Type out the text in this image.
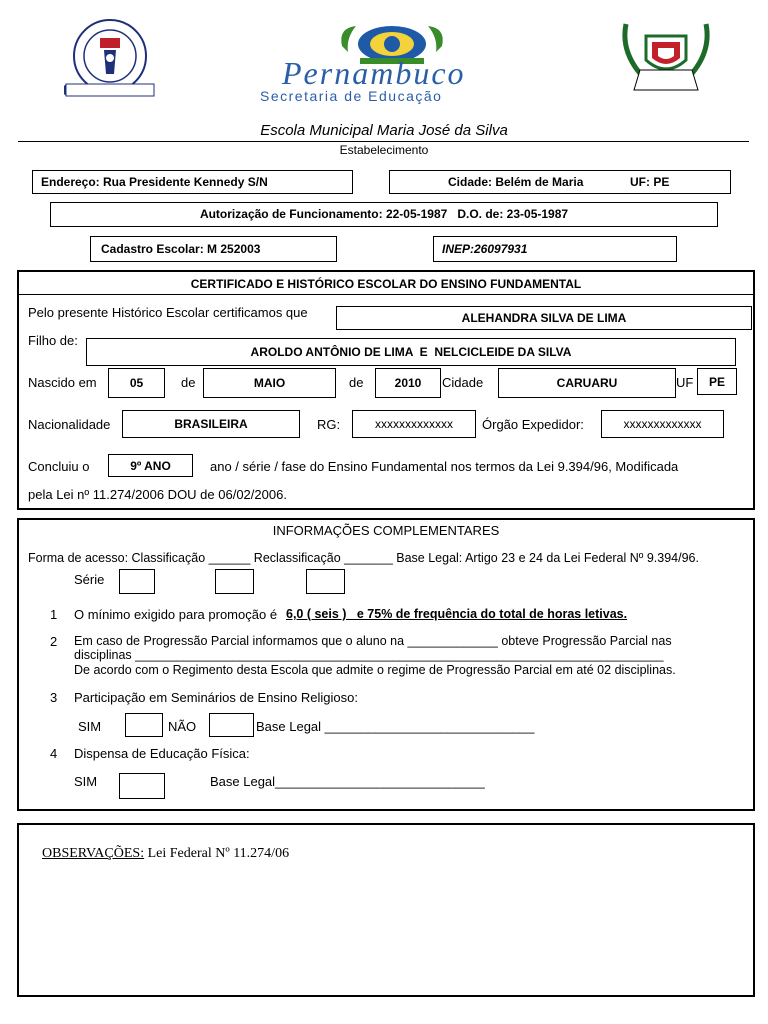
Pernambuco
Secretaria de Educação
Escola Municipal Maria José da Silva
Estabelecimento
Endereço: Rua Presidente Kennedy S/N	Cidade: Belém de Maria	UF: PE
Autorização de Funcionamento: 22-05-1987   D.O. de: 23-05-1987
Cadastro Escolar: M 252003	INEP:26097931
CERTIFICADO E HISTÓRICO ESCOLAR DO ENSINO FUNDAMENTAL
Pelo presente Histórico Escolar certificamos que	ALEHANDRA SILVA DE LIMA
Filho de:
AROLDO ANTÔNIO DE LIMA  E  NELCICLEIDE DA SILVA
Nascido em	05	de	MAIO	de	2010 Cidade	CARUARU	UF PE
Nacionalidade	BRASILEIRA	RG:	xxxxxxxxxxxxx Órgão Expedidor:	xxxxxxxxxxxxx
Concluiu o	9º ANO	ano / série / fase do Ensino Fundamental nos termos da Lei 9.394/96, Modificada
pela Lei nº 11.274/2006 DOU de 06/02/2006.
INFORMAÇÕES COMPLEMENTARES
Forma de acesso: Classificação ______ Reclassificação _______ Base Legal: Artigo 23 e 24 da Lei Federal Nº 9.394/96.
Série
1 O mínimo exigido para promoção é 6,0 ( seis )   e 75% de frequência do total de horas letivas.
2 Em caso de Progressão Parcial informamos que o aluno na _____________ obteve Progressão Parcial nas
disciplinas ____________________________________________________________________________
De acordo com o Regimento desta Escola que admite o regime de Progressão Parcial em até 02 disciplinas.
3 Participação em Seminários de Ensino Religioso:
SIM	NÃO	Base Legal _____________________________
4 Dispensa de Educação Física:
SIM	Base Legal_____________________________

OBSERVAÇÕES: Lei Federal Nº 11.274/06
